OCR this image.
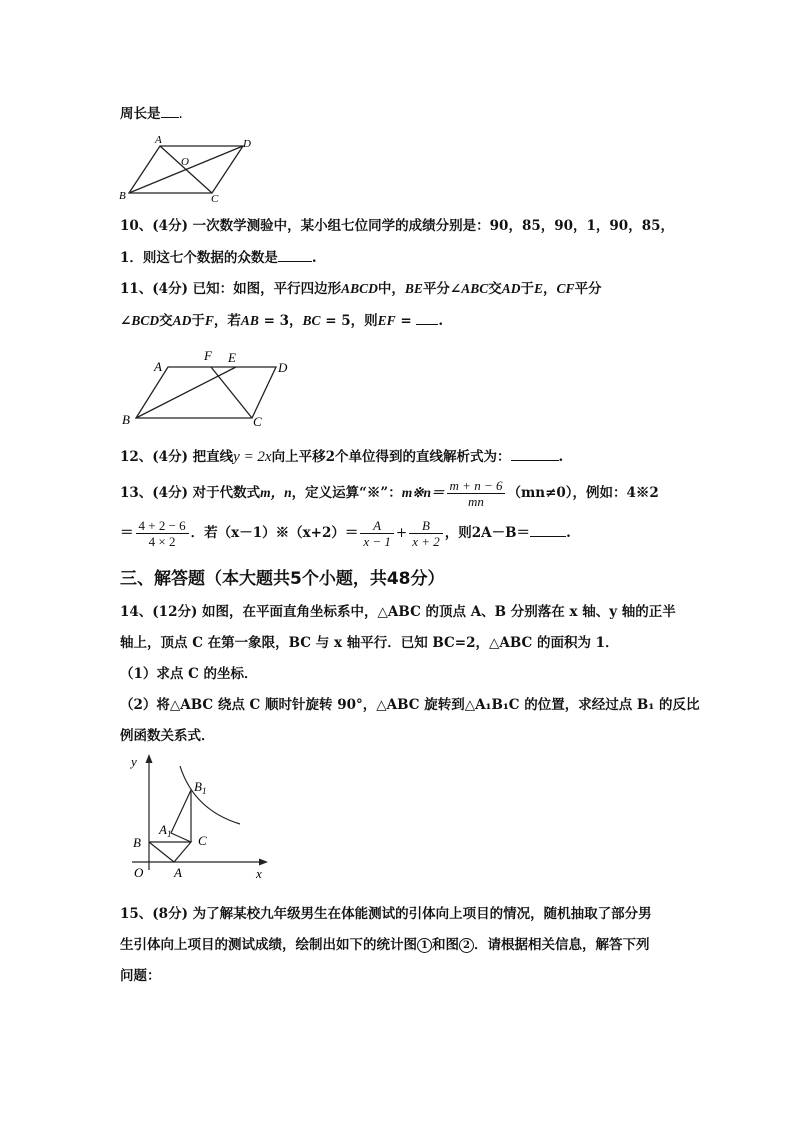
周长是 .
A	D
O
B	C
10、(4分) 一次数学测验中，某小组七位同学的成绩分别是：90，85，90，1，90，85，
1．则这七个数据的众数是	.
11、(4分) 已知：如图，平行四边形ABCD中，BE平分∠ABC交AD于E，CF平分
∠BCD交AD于F，若AB = 3，BC = 5，则EF = .
A
F E
D
B	C
12、(4分) 把直线y = 2x向上平移2个单位得到的直线解析式为：	.
13、(4分) 对于代数式m，n，定义运算“※”：m※n＝ $\frac{m + n - 6}{mn} (mn\ne 0)$，例如：4※2
＝ $\frac{4 + 2 - 6}{4 \times 2}$ ．若（x－1）※（x+2）＝ $\frac{A}{x - 1} + \frac{B}{x + 2}$ ，则2A－B＝	.
三、解答题（本大题共5个小题，共48分）
14、(12分) 如图，在平面直角坐标系中，△ABC 的顶点 A、B 分别落在 x 轴、y 轴的正半
轴上，顶点 C 在第一象限，BC 与 x 轴平行．已知 BC=2，△ABC 的面积为 1．
（1）求点 C 的坐标．
（2）将△ABC 绕点 C 顺时针旋转 90°，△ABC 旋转到△A₁B₁C 的位置，求经过点 B₁ 的反比
例函数关系式．
y
$B_1$
$A_1$
B	C
O A	x
15、(8分) 为了解某校九年级男生在体能测试的引体向上项目的情况，随机抽取了部分男
生引体向上项目的测试成绩，绘制出如下的统计图 1 和图 2 ．请根据相关信息，解答下列
问题：
